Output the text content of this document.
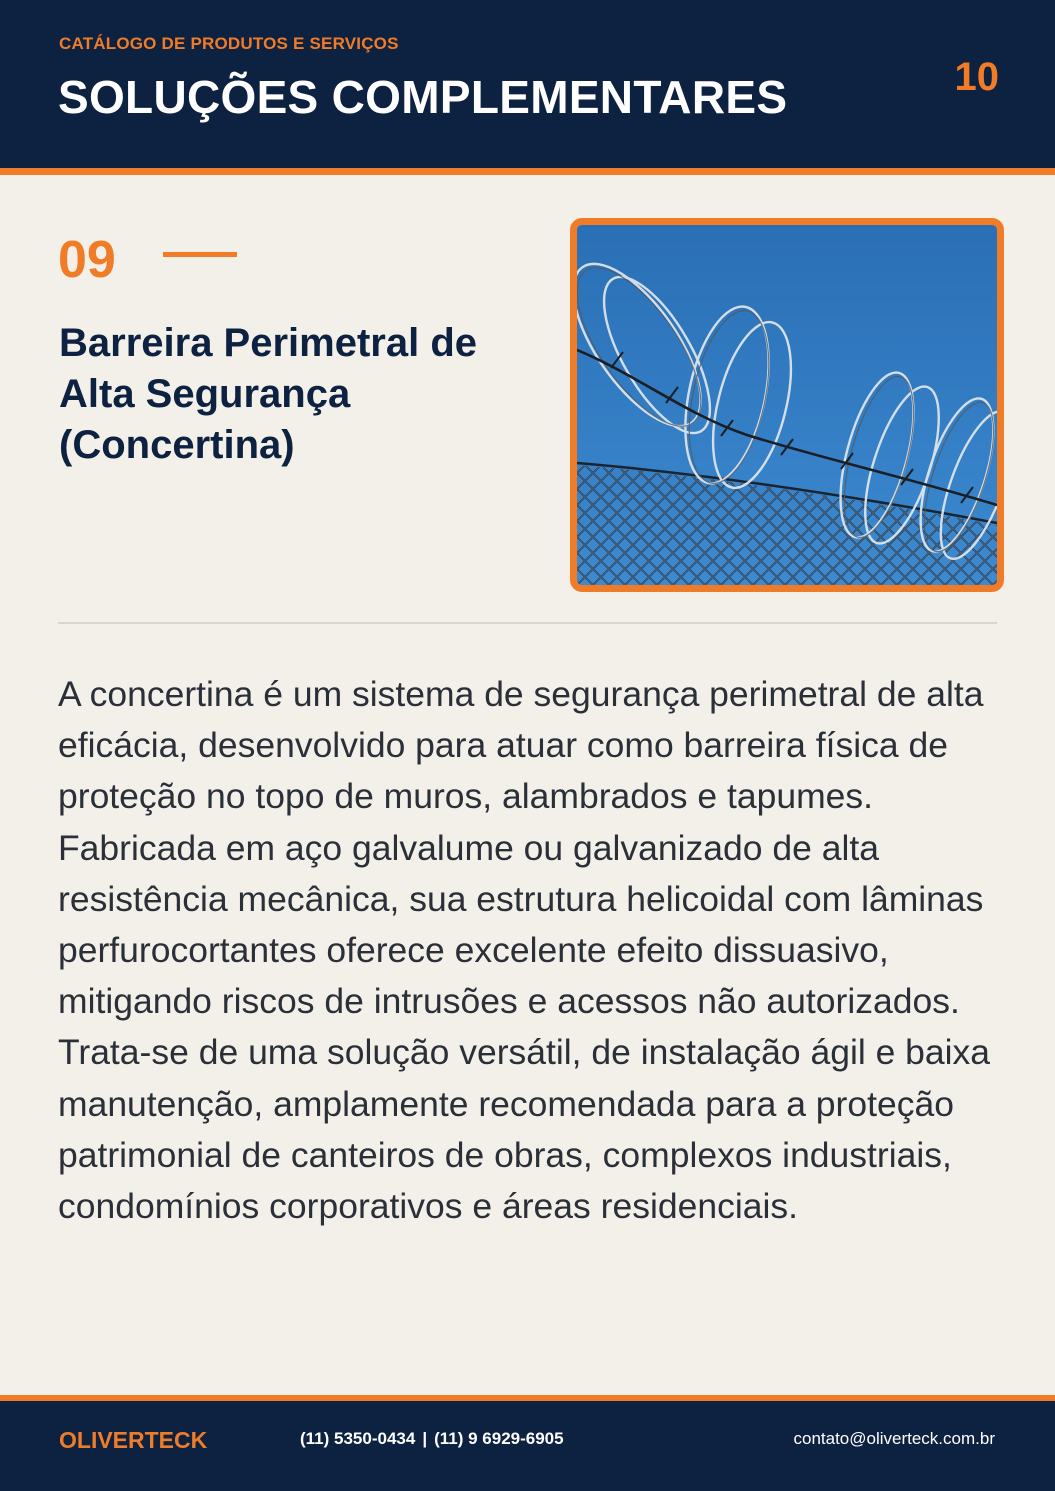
CATÁLOGO DE PRODUTOS E SERVIÇOS
SOLUÇÕES COMPLEMENTARES	10
09
Barreira Perimetral de Alta Segurança (Concertina)
A concertina é um sistema de segurança perimetral de alta eficácia, desenvolvido para atuar como barreira física de proteção no topo de muros, alambrados e tapumes. Fabricada em aço galvalume ou galvanizado de alta resistência mecânica, sua estrutura helicoidal com lâminas perfurocortantes oferece excelente efeito dissuasivo, mitigando riscos de intrusões e acessos não autorizados. Trata-se de uma solução versátil, de instalação ágil e baixa manutenção, amplamente recomendada para a proteção patrimonial de canteiros de obras, complexos industriais, condomínios corporativos e áreas residenciais.
OLIVERTECK	(11) 5350-0434 | (11) 9 6929-6905	contato@oliverteck.com.br
